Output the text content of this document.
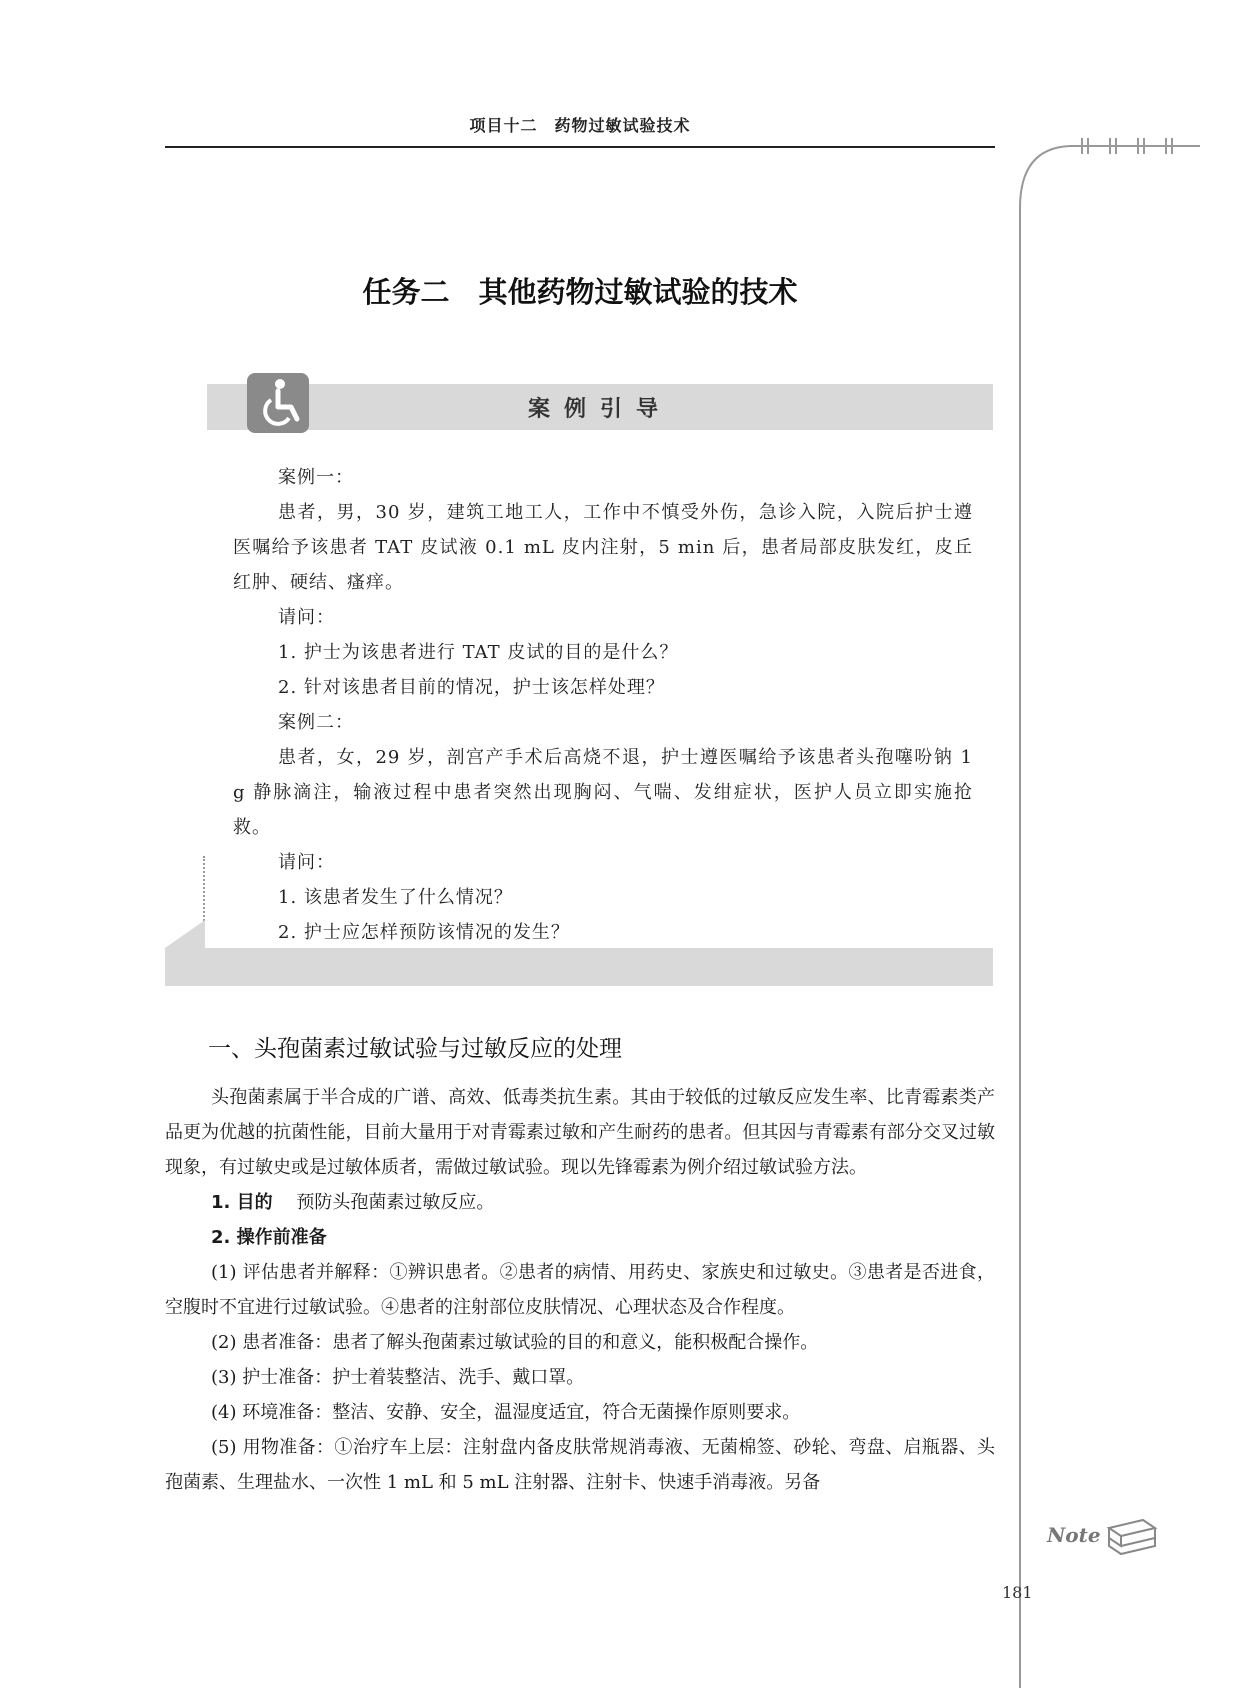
项目十二　药物过敏试验技术
任务二　其他药物过敏试验的技术
案例引导

案例一：

患者，男，30 岁，建筑工地工人，工作中不慎受外伤，急诊入院，入院后护士遵医嘱给予该患者 TAT 皮试液 0.1 mL 皮内注射，5 min 后，患者局部皮肤发红，皮丘红肿、硬结、瘙痒。

请问：

1. 护士为该患者进行 TAT 皮试的目的是什么？

2. 针对该患者目前的情况，护士该怎样处理？

案例二：

患者，女，29 岁，剖宫产手术后高烧不退，护士遵医嘱给予该患者头孢噻吩钠 1 g 静脉滴注，输液过程中患者突然出现胸闷、气喘、发绀症状，医护人员立即实施抢救。

请问：

1. 该患者发生了什么情况？

2. 护士应怎样预防该情况的发生？

一、头孢菌素过敏试验与过敏反应的处理

头孢菌素属于半合成的广谱、高效、低毒类抗生素。其由于较低的过敏反应发生率、比青霉素类产品更为优越的抗菌性能，目前大量用于对青霉素过敏和产生耐药的患者。但其因与青霉素有部分交叉过敏现象，有过敏史或是过敏体质者，需做过敏试验。现以先锋霉素为例介绍过敏试验方法。

1. 目的　 预防头孢菌素过敏反应。

2. 操作前准备

(1) 评估患者并解释：①辨识患者。②患者的病情、用药史、家族史和过敏史。③患者是否进食，空腹时不宜进行过敏试验。④患者的注射部位皮肤情况、心理状态及合作程度。

(2) 患者准备：患者了解头孢菌素过敏试验的目的和意义，能积极配合操作。

(3) 护士准备：护士着装整洁、洗手、戴口罩。

(4) 环境准备：整洁、安静、安全，温湿度适宜，符合无菌操作原则要求。

(5) 用物准备：①治疗车上层：注射盘内备皮肤常规消毒液、无菌棉签、砂轮、弯盘、启瓶器、头孢菌素、生理盐水、一次性 1 mL 和 5 mL 注射器、注射卡、快速手消毒液。另备

Note
181
